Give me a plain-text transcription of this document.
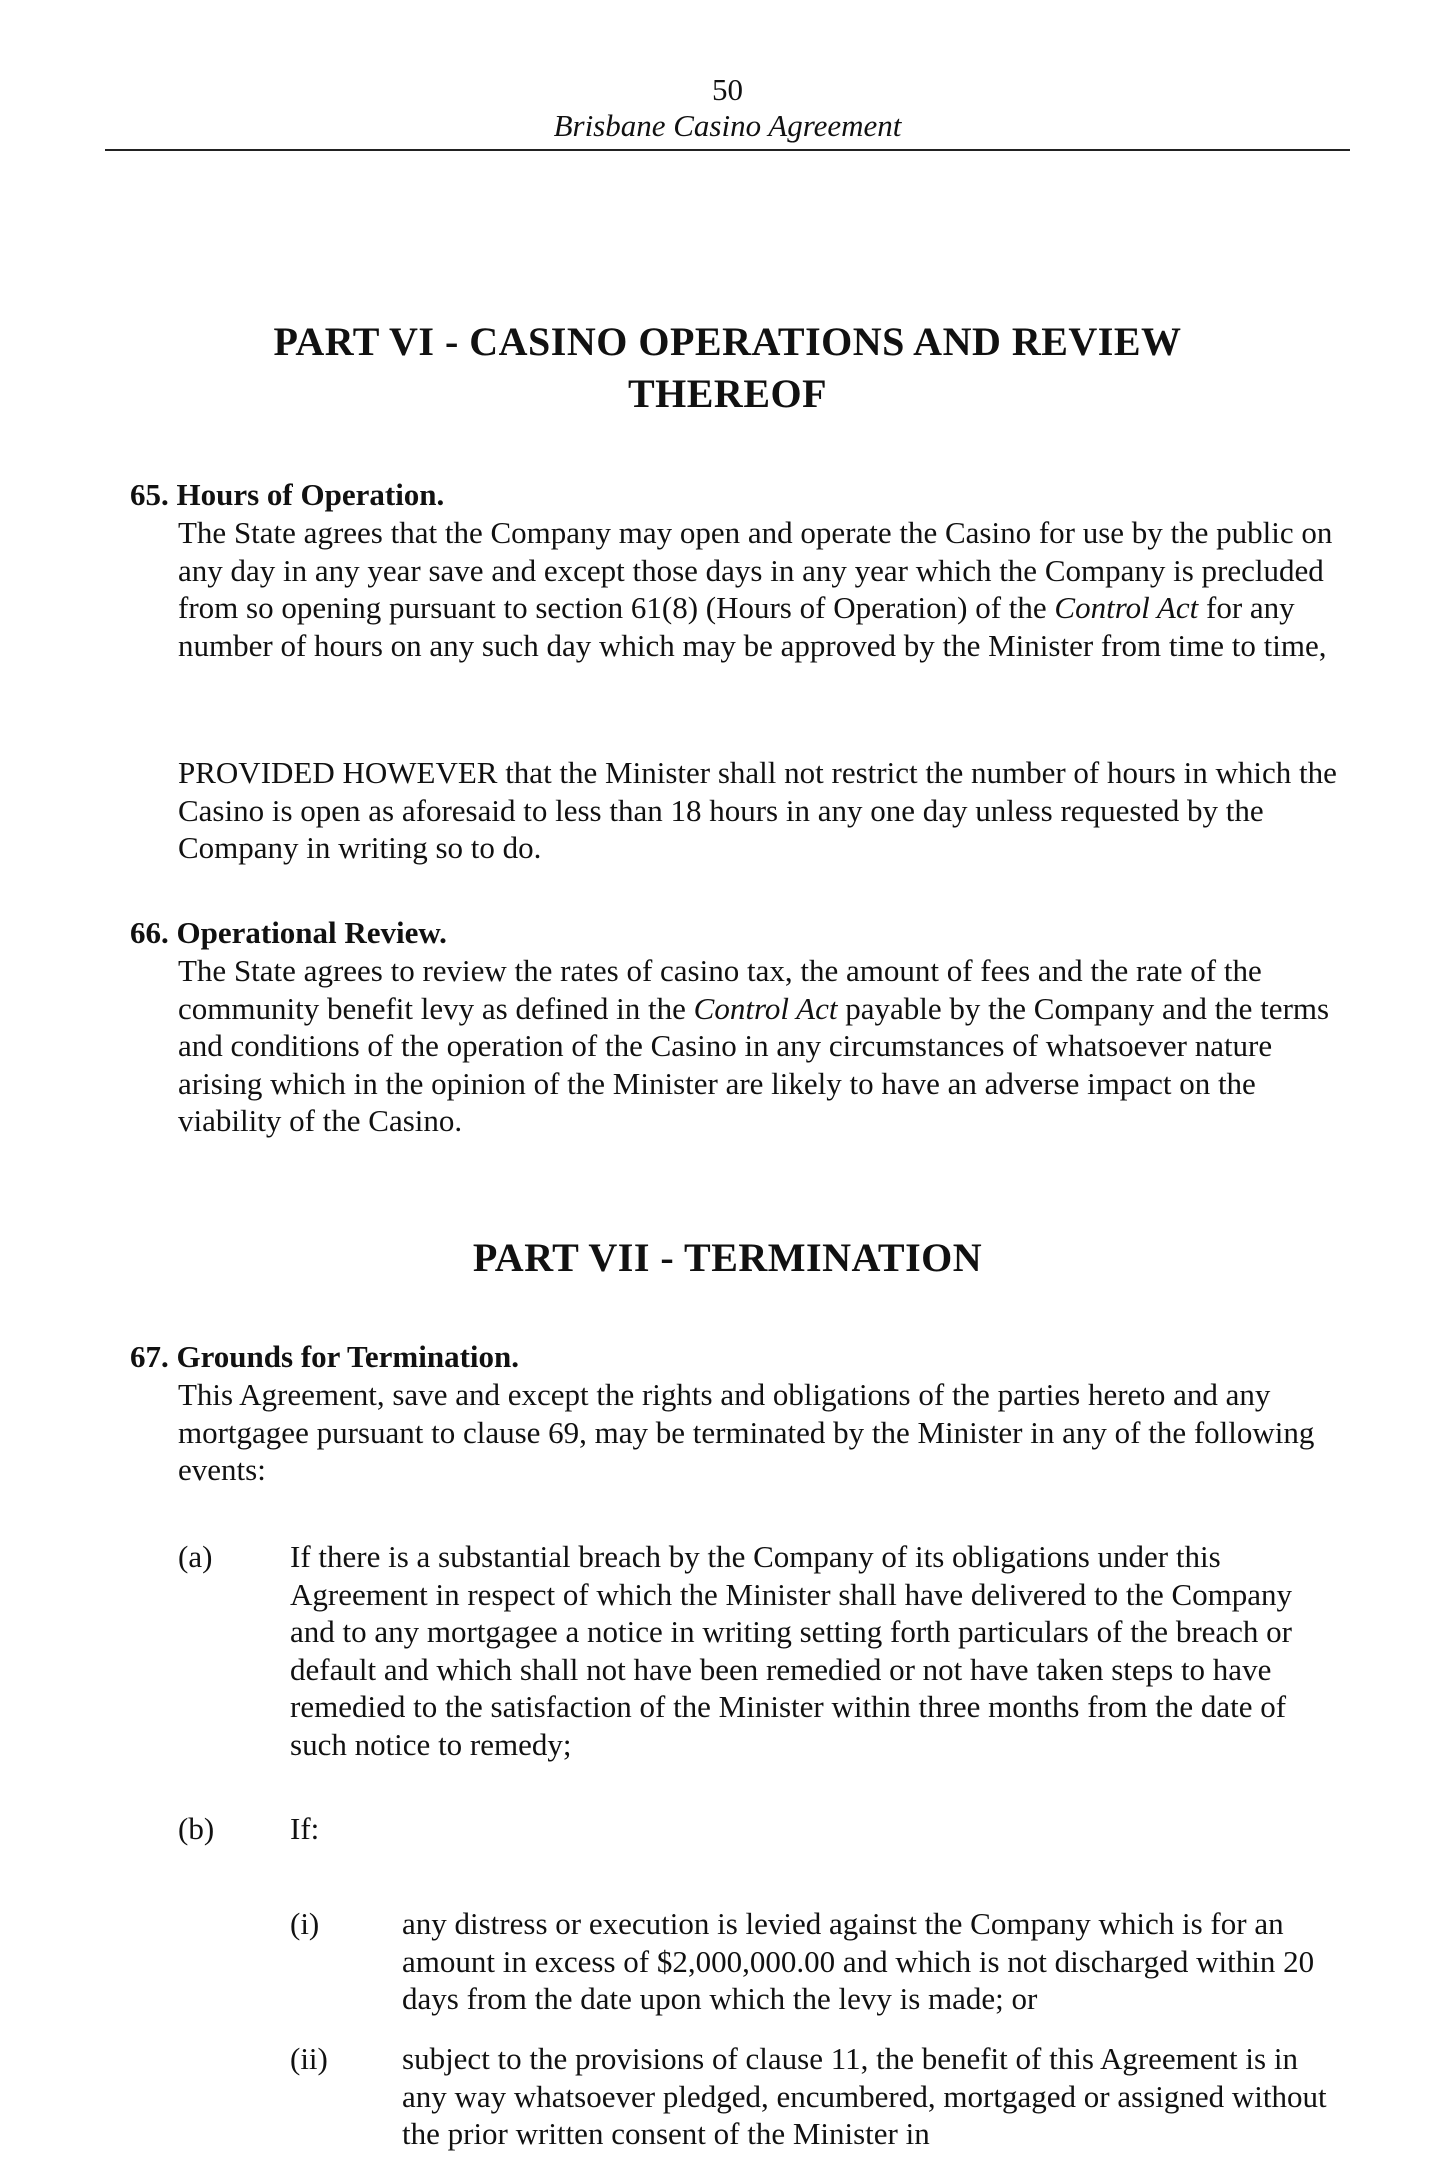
50
Brisbane Casino Agreement
PART VI - CASINO OPERATIONS AND REVIEW
THEREOF
65. Hours of Operation.

The State agrees that the Company may open and operate the Casino for use by the public on any day in any year save and except those days in any year which the Company is precluded from so opening pursuant to section 61(8) (Hours of Operation) of the Control Act for any number of hours on any such day which may be approved by the Minister from time to time,

PROVIDED HOWEVER that the Minister shall not restrict the number of hours in which the Casino is open as aforesaid to less than 18 hours in any one day unless requested by the Company in writing so to do.

66. Operational Review.

The State agrees to review the rates of casino tax, the amount of fees and the rate of the community benefit levy as defined in the Control Act payable by the Company and the terms and conditions of the operation of the Casino in any circumstances of whatsoever nature arising which in the opinion of the Minister are likely to have an adverse impact on the viability of the Casino.

PART VII - TERMINATION
67. Grounds for Termination.

This Agreement, save and except the rights and obligations of the parties hereto and any mortgagee pursuant to clause 69, may be terminated by the Minister in any of the following events:

(a)	If there is a substantial breach by the Company of its obligations under this Agreement in respect of which the Minister shall have delivered to the Company and to any mortgagee a notice in writing setting forth particulars of the breach or default and which shall not have been remedied or not have taken steps to have remedied to the satisfaction of the Minister within three months from the date of such notice to remedy;

(b) If:

(i)	any distress or execution is levied against the Company which is for an amount in excess of $2,000,000.00 and which is not discharged within 20 days from the date upon which the levy is made; or

(ii) subject to the provisions of clause 11, the benefit of this Agreement is in any way whatsoever pledged, encumbered, mortgaged or assigned without the prior written consent of the Minister in
